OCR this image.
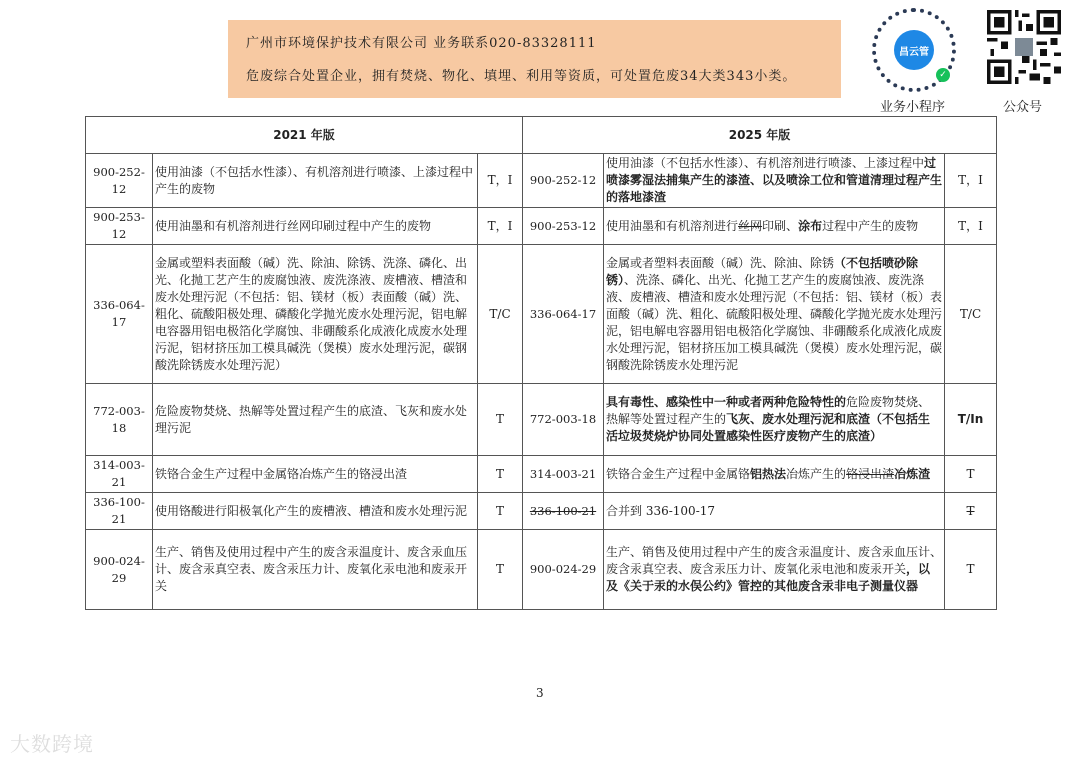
广州市环境保护技术有限公司 业务联系020-83328111
危废综合处置企业，拥有焚烧、物化、填埋、利用等资质，可处置危废34大类343小类。
昌云管
✓
业务小程序	公众号
2021 年版			2025 年版		
900-252-12	使用油漆（不包括水性漆）、有机溶剂进行喷漆、上漆过程中产生的废物	T，I	900-252-12	使用油漆（不包括水性漆）、有机溶剂进行喷漆、上漆过程中过喷漆雾湿法捕集产生的漆渣、以及喷涂工位和管道清理过程产生的落地漆渣	T，I
900-253-12	使用油墨和有机溶剂进行丝网印刷过程中产生的废物	T，I	900-253-12	使用油墨和有机溶剂进行丝网印刷、涂布过程中产生的废物	T，I
336-064-17	金属或塑料表面酸（碱）洗、除油、除锈、洗涤、磷化、出光、化抛工艺产生的废腐蚀液、废洗涤液、废槽液、槽渣和废水处理污泥（不包括：铝、镁材（板）表面酸（碱）洗、粗化、硫酸阳极处理、磷酸化学抛光废水处理污泥，铝电解电容器用铝电极箔化学腐蚀、非硼酸系化成液化成废水处理污泥，铝材挤压加工模具碱洗（煲模）废水处理污泥，碳钢酸洗除锈废水处理污泥）	T/C	336-064-17	金属或者塑料表面酸（碱）洗、除油、除锈（不包括喷砂除锈）、洗涤、磷化、出光、化抛工艺产生的废腐蚀液、废洗涤液、废槽液、槽渣和废水处理污泥（不包括：铝、镁材（板）表面酸（碱）洗、粗化、硫酸阳极处理、磷酸化学抛光废水处理污泥，铝电解电容器用铝电极箔化学腐蚀、非硼酸系化成液化成废水处理污泥，铝材挤压加工模具碱洗（煲模）废水处理污泥，碳钢酸洗除锈废水处理污泥	T/C
772-003-18	危险废物焚烧、热解等处置过程产生的底渣、飞灰和废水处理污泥	T	772-003-18	具有毒性、感染性中一种或者两种危险特性的危险废物焚烧、热解等处置过程产生的飞灰、废水处理污泥和底渣（不包括生活垃圾焚烧炉协同处置感染性医疗废物产生的底渣）	T/In
314-003-21	铁铬合金生产过程中金属铬冶炼产生的铬浸出渣	T	314-003-21	铁铬合金生产过程中金属铬铝热法冶炼产生的铬浸出渣冶炼渣	T
336-100-21	使用铬酸进行阳极氧化产生的废槽液、槽渣和废水处理污泥	T	336-100-21	合并到 336-100-17	T
900-024-29	生产、销售及使用过程中产生的废含汞温度计、废含汞血压计、废含汞真空表、废含汞压力计、废氧化汞电池和废汞开关	T	900-024-29	生产、销售及使用过程中产生的废含汞温度计、废含汞血压计、废含汞真空表、废含汞压力计、废氧化汞电池和废汞开关，以及《关于汞的水俣公约》管控的其他废含汞非电子测量仪器	T
3
大数跨境
